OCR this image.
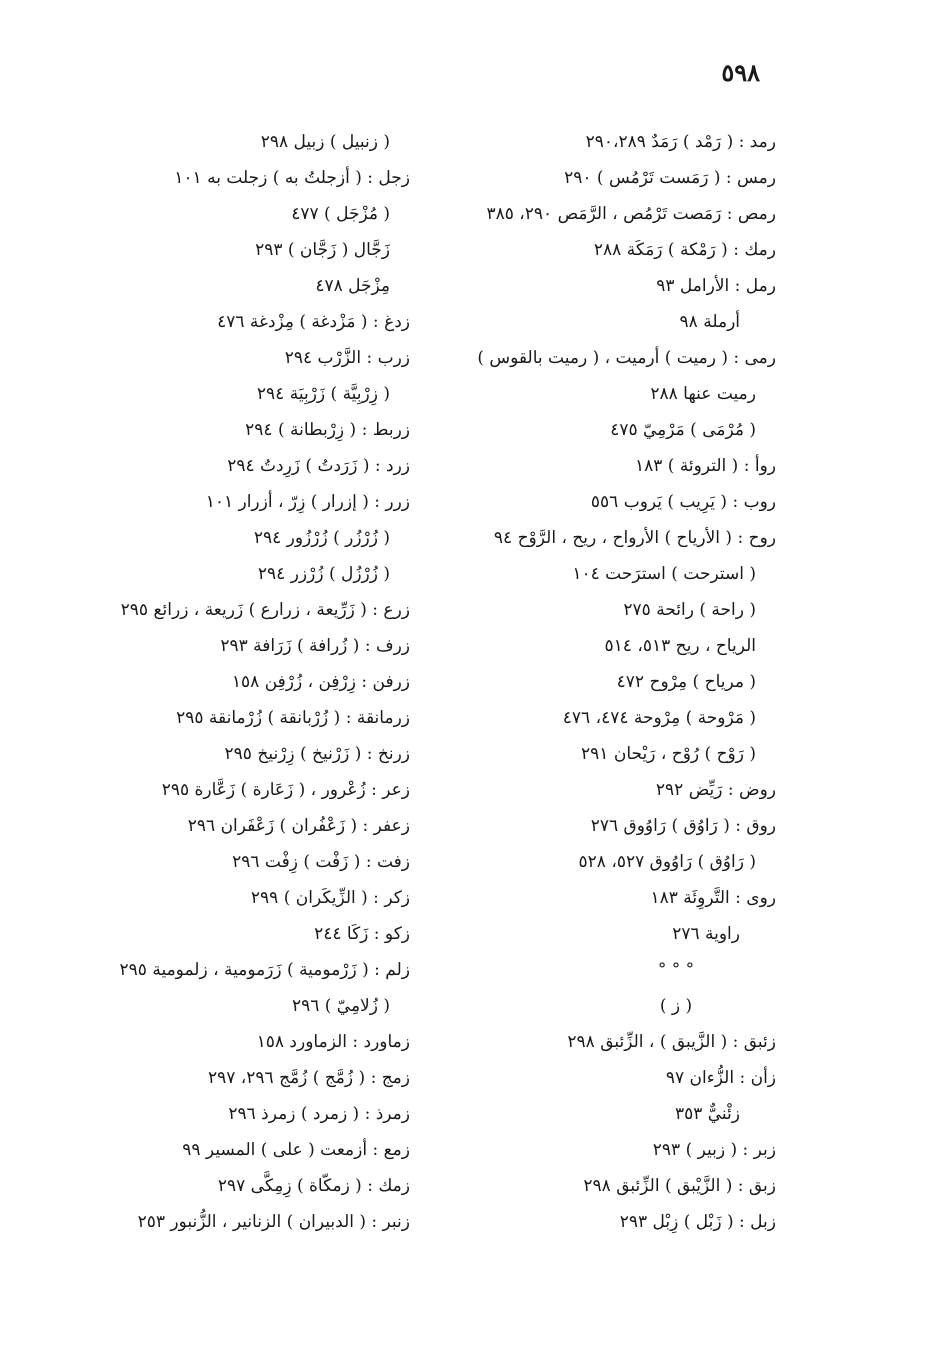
٥٩٨
رمد : ( رَمْد ) رَمَدٌ ٢٩٠،٢٨٩
رمس : ( رَمَست تَرْمُس ) ٢٩٠
رمص : رَمَصت تَرْمُص ، الرَّمَص ٢٩٠، ٣٨٥
رمك : ( رَمْكة ) رَمَكَة ٢٨٨
رمل : الأرامل ٩٣
أرملة ٩٨
رمى : ( رميت ) أرميت ، ( رميت بالقوس )
رميت عنها ٢٨٨
( مُرْمَى ) مَرْمِيّ ٤٧٥
روأ : ( التروئة ) ١٨٣
روب : ( يَرِيب ) يَروب ٥٥٦
روح : ( الأرياح ) الأرواح ، ريح ، الرَّوْح ٩٤
( استرحت ) استرَحت ١٠٤
( راحة ) رائحة ٢٧٥
الرياح ، ريح ٥١٣، ٥١٤
( مرياح ) مِرْوح ٤٧٢
( مَرْوحة ) مِرْوحة ٤٧٤، ٤٧٦
( رَوْح ) رُوْح ، رَيْحان ٢٩١
روض : رَيِّض ٢٩٢
روق : ( رَاوُق ) رَاوُوق ٢٧٦
( رَاوُق ) رَاوُوق ٥٢٧، ٥٢٨
روى : التَّروِئَة ١٨٣
راوية ٢٧٦
° ° °
( ز )
زئبق : ( الزَّيبق ) ، الزِّئبق ٢٩٨
زأن : الزُّءان ٩٧
زئْنيٌّ ٣٥٣
زبر : ( زبير ) ٢٩٣
زبق : ( الزَّيْبق ) الزِّئبق ٢٩٨
زبل : ( زَبْل ) زِبْل ٢٩٣
( زنبيل ) زبيل ٢٩٨
زجل : ( أزجلتُ به ) زجلت به ١٠١
( مُزْجَل ) ٤٧٧
زَجَّال ( زَجَّان ) ٢٩٣
مِزْجَل ٤٧٨
زدغ : ( مَزْدغة ) مِزْدغة ٤٧٦
زرب : الزَّرْب ٢٩٤
( زِرْبِيَّة ) زَرْبِيَة ٢٩٤
زربط : ( زِرْبطانة ) ٢٩٤
زرد : ( زَرَدتُ ) زَرِدتُ ٢٩٤
زرر : ( إزرار ) زِرّ ، أزرار ١٠١
( زُرْزُر ) زُرْزُور ٢٩٤
( زُرْزُل ) زُرْزر ٢٩٤
زرع : ( زَرِّيعة ، زرارع ) زَريعة ، زرائع ٢٩٥
زرف : ( زُرافة ) زَرَافة ٢٩٣
زرفن : زِرْفِن ، زُرْفِن ١٥٨
زرمانقة : ( زُرْبانقة ) زُرْمانقة ٢٩٥
زرنخ : ( زَرْنيخ ) زِرْنيخ ٢٩٥
زعر : زُعْرور ، ( زَعَارة ) زَعَّارة ٢٩٥
زعفر : ( زَعْفُران ) زَعْفَران ٢٩٦
زفت : ( زَفْت ) زِفْت ٢٩٦
زكر : ( الزِّيكَران ) ٢٩٩
زكو : زَكَا ٢٤٤
زلم : ( زَرْمومية ) زَرَمومية ، زلمومية ٢٩٥
( زُلامِيّ ) ٢٩٦
زماورد : الزماورد ١٥٨
زمج : ( زُمَّج ) زُمَّج ٢٩٦، ٢٩٧
زمرذ : ( زمرد ) زمرذ ٢٩٦
زمع : أزمعت ( على ) المسير ٩٩
زمك : ( زمكّاة ) زِمِكَّى ٢٩٧
زنبر : ( الدبيران ) الزنانير ، الزُّنبور ٢٥٣
